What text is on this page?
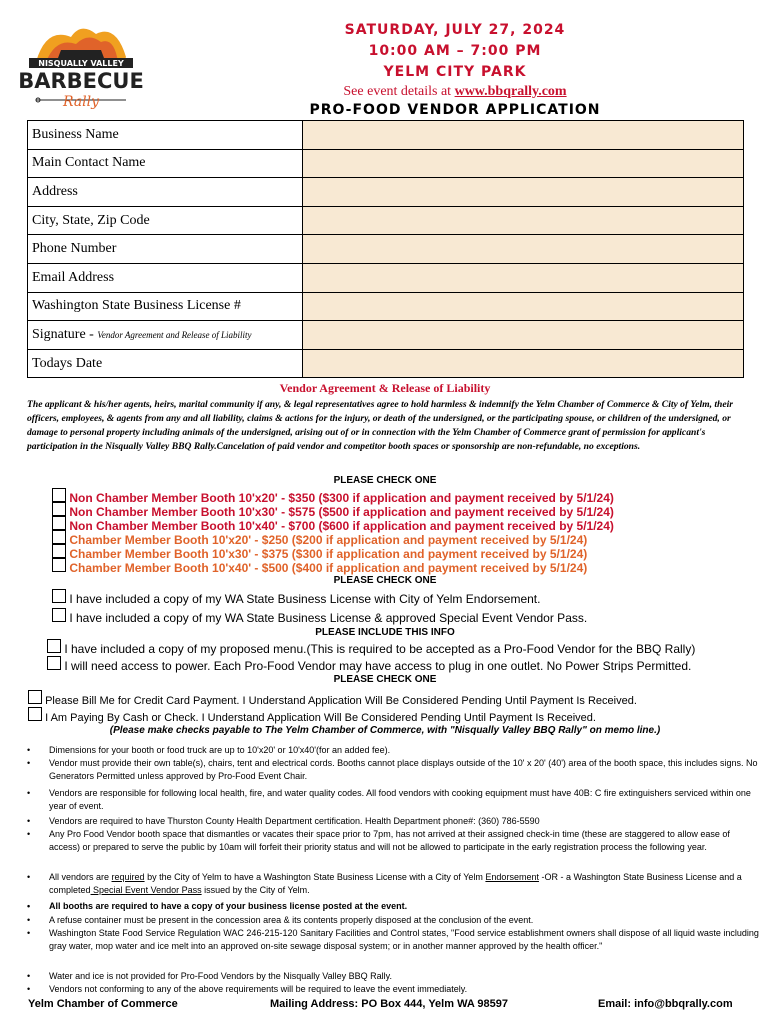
NISQUALLY VALLEY
BARBECUE
Rally
SATURDAY, JULY 27, 2024
10:00 AM – 7:00 PM
YELM CITY PARK
See event details at www.bbqrally.com
PRO-FOOD VENDOR APPLICATION
Business Name	
Main Contact Name	
Address	
City, State, Zip Code	
Phone Number	
Email Address	
Washington State Business License #	
Signature - Vendor Agreement and Release of Liability	
Todays Date	
Vendor Agreement & Release of Liability
The applicant & his/her agents, heirs, marital community if any, & legal representatives agree to hold harmless & indemnify the Yelm Chamber of Commerce & City of Yelm, their officers, employees, & agents from any and all liability, claims & actions for the injury, or death of the undersigned, or the participating spouse, or children of the undersigned, or damage to personal property including animals of the undersigned, arising out of or in connection with the Yelm Chamber of Commerce grant of permission for applicant's participation in the Nisqually Valley BBQ Rally.Cancelation of paid vendor and competitor booth spaces or sponsorship are non-refundable, no exceptions.
PLEASE CHECK ONE
Non Chamber Member Booth 10'x20' - $350 ($300 if application and payment received by 5/1/24)
Non Chamber Member Booth 10'x30' - $575 ($500 if application and payment received by 5/1/24)
Non Chamber Member Booth 10'x40' - $700 ($600 if application and payment received by 5/1/24)
Chamber Member Booth 10'x20' - $250 ($200 if application and payment received by 5/1/24)
Chamber Member Booth 10'x30' - $375 ($300 if application and payment received by 5/1/24)
Chamber Member Booth 10'x40' - $500 ($400 if application and payment received by 5/1/24)
PLEASE CHECK ONE
I have included a copy of my WA State Business License with City of Yelm Endorsement.
I have included a copy of my WA State Business License & approved Special Event Vendor Pass.
PLEASE INCLUDE THIS INFO
I have included a copy of my proposed menu.(This is required to be accepted as a Pro-Food Vendor for the BBQ Rally)
I will need access to power. Each Pro-Food Vendor may have access to plug in one outlet. No Power Strips Permitted.
PLEASE CHECK ONE
Please Bill Me for Credit Card Payment. I Understand Application Will Be Considered Pending Until Payment Is Received.
I Am Paying By Cash or Check. I Understand Application Will Be Considered Pending Until Payment Is Received.
(Please make checks payable to The Yelm Chamber of Commerce, with "Nisqually Valley BBQ Rally" on memo line.)
• Dimensions for your booth or food truck are up to 10'x20' or 10'x40'(for an added fee).
• Vendor must provide their own table(s), chairs, tent and electrical cords. Booths cannot place displays outside of the 10' x 20' (40') area of the booth space, this includes signs. No Generators Permitted unless approved by Pro-Food Event Chair.
• Vendors are responsible for following local health, fire, and water quality codes. All food vendors with cooking equipment must have 40B: C fire extinguishers serviced within one year of event.
• Vendors are required to have Thurston County Health Department certification. Health Department phone#: (360) 786-5590
• Any Pro Food Vendor booth space that dismantles or vacates their space prior to 7pm, has not arrived at their assigned check-in time (these are staggered to allow ease of access) or prepared to serve the public by 10am will forfeit their priority status and will not be allowed to participate in the early registration process the following year.
• All vendors are required by the City of Yelm to have a Washington State Business License with a City of Yelm Endorsement -OR - a Washington State Business License and a completed Special Event Vendor Pass issued by the City of Yelm.
• All booths are required to have a copy of your business license posted at the event.
• A refuse container must be present in the concession area & its contents properly disposed at the conclusion of the event.
• Washington State Food Service Regulation WAC 246-215-120 Sanitary Facilities and Control states, "Food service establishment owners shall dispose of all liquid waste including gray water, mop water and ice melt into an approved on-site sewage disposal system; or in another manner approved by the health officer."
• Water and ice is not provided for Pro-Food Vendors by the Nisqually Valley BBQ Rally.
• Vendors not conforming to any of the above requirements will be required to leave the event immediately.
Yelm Chamber of Commerce	Mailing Address: PO Box 444, Yelm WA 98597	Email: info@bbqrally.com
